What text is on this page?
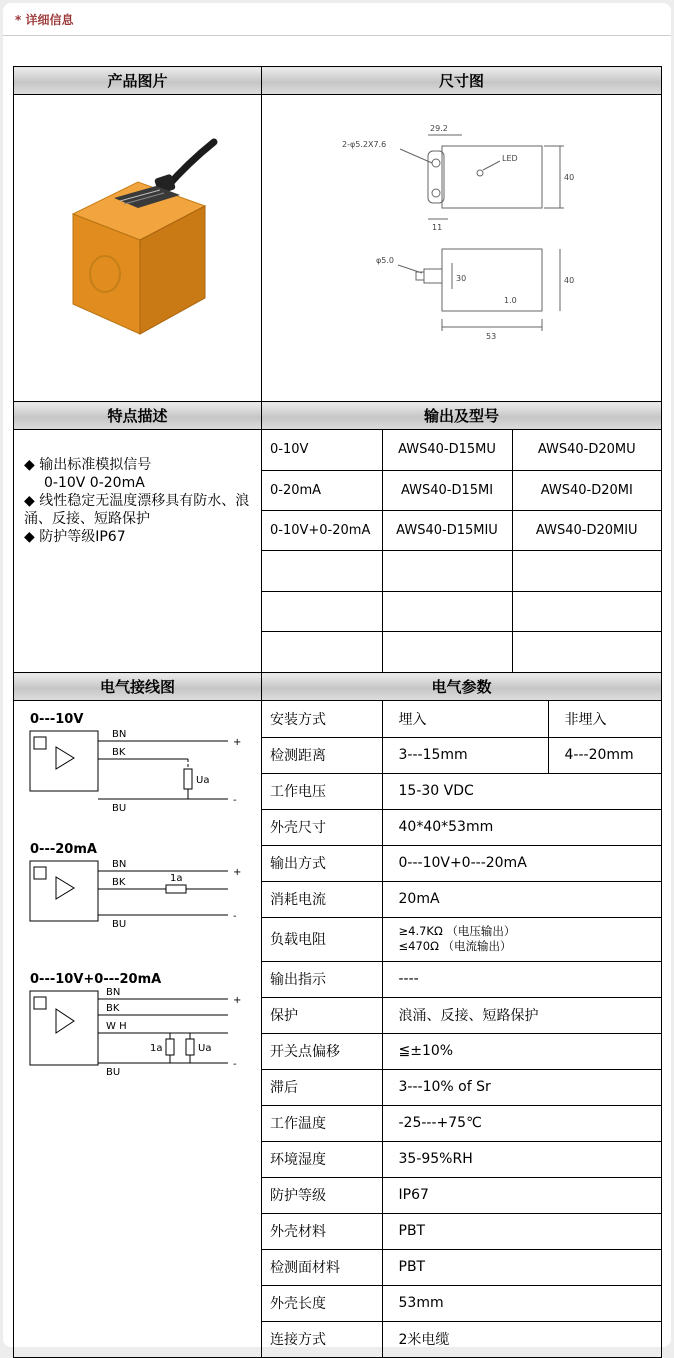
* 详细信息
产品图片	尺寸图

LED
29.2
2-φ5.2X7.6
40
11
φ5.0
30
1.0
53
40

特点描述	输出及型号

◆ 输出标准模拟信号
0-10V 0-20mA
◆ 线性稳定无温度漂移具有防水、浪涌、反接、短路保护
◆ 防护等级IP67

0-10V	AWS40-D15MU	AWS40-D20MU
0-20mA	AWS40-D15MI	AWS40-D20MI
0-10V+0-20mA	AWS40-D15MIU	AWS40-D20MIU

电气接线图	电气参数

0---10V
BN
+
BK
Ua
BU
-
0---20mA
BN
+
BK	1a
BU
-
0---10V+0---20mA
BN
+
BK
W H
1a	Ua
BU
-

安装方式	埋入	非埋入
检测距离	3---15mm	4---20mm
工作电压	15-30 VDC
外壳尺寸	40*40*53mm
输出方式	0---10V+0---20mA
消耗电流	20mA
负载电阻	
≥4.7KΩ （电压输出）
≤470Ω （电流输出）

输出指示	----
保护	浪涌、反接、短路保护
开关点偏移	≦±10%
滞后	3---10% of Sr
工作温度	-25---+75℃
环境湿度	35-95%RH
防护等级	IP67
外壳材料	PBT
检测面材料	PBT
外壳长度	53mm
连接方式	2米电缆
